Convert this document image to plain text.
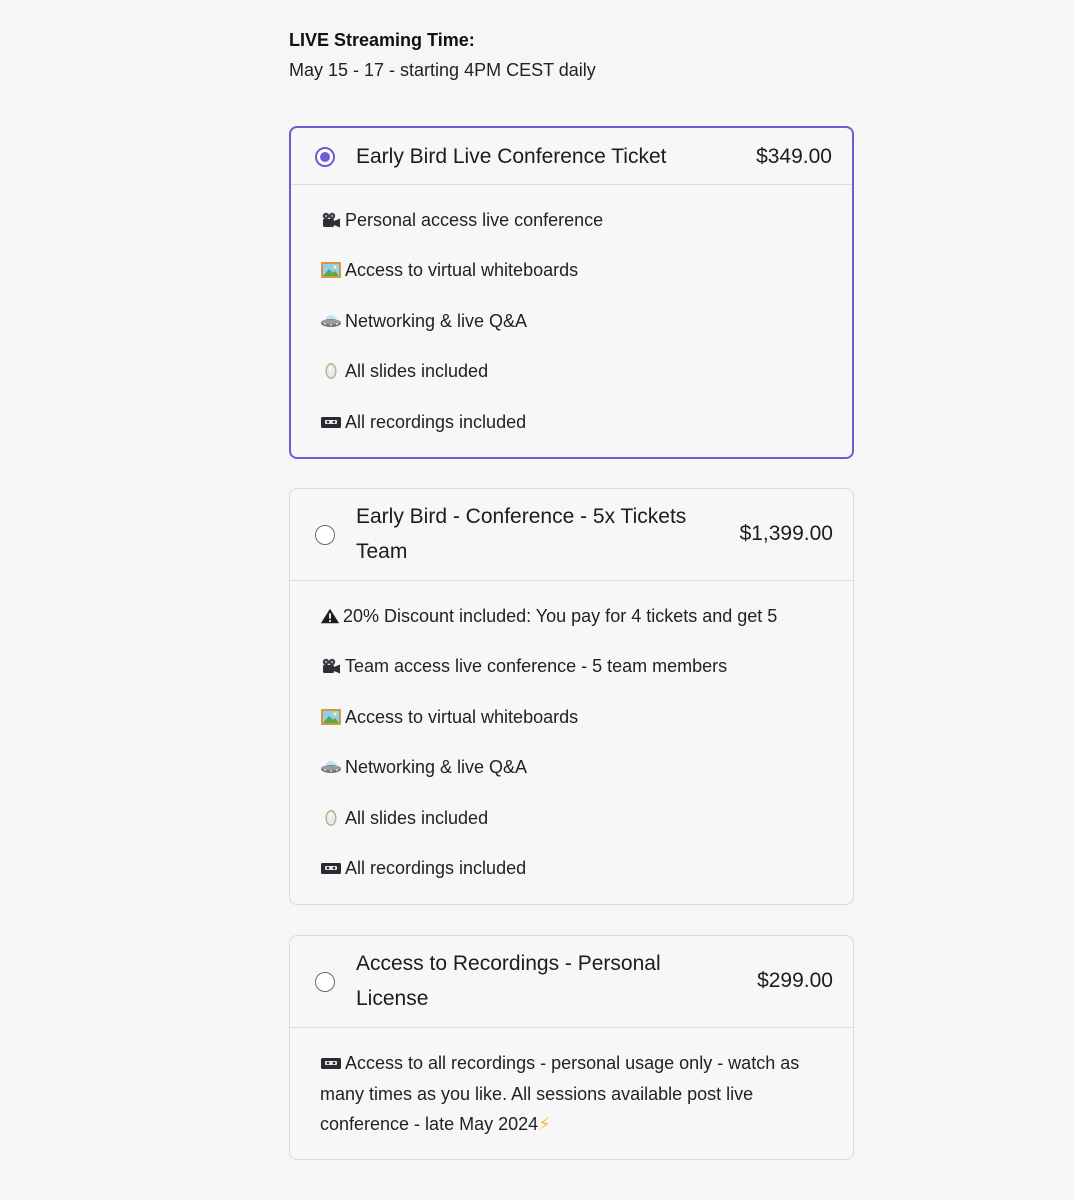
LIVE Streaming Time:
May 15 - 17 - starting 4PM CEST daily
Early Bird Live Conference Ticket	$349.00
Personal access live conference
Access to virtual whiteboards
Networking & live Q&A
All slides included
All recordings included
Early Bird - Conference - 5x Tickets
Team
$1,399.00
20% Discount included: You pay for 4 tickets and get 5
Team access live conference - 5 team members
Access to virtual whiteboards
Networking & live Q&A
All slides included
All recordings included
Access to Recordings - Personal
License
$299.00
Access to all recordings - personal usage only - watch as
many times as you like. All sessions available post live
conference - late May 2024⚡
